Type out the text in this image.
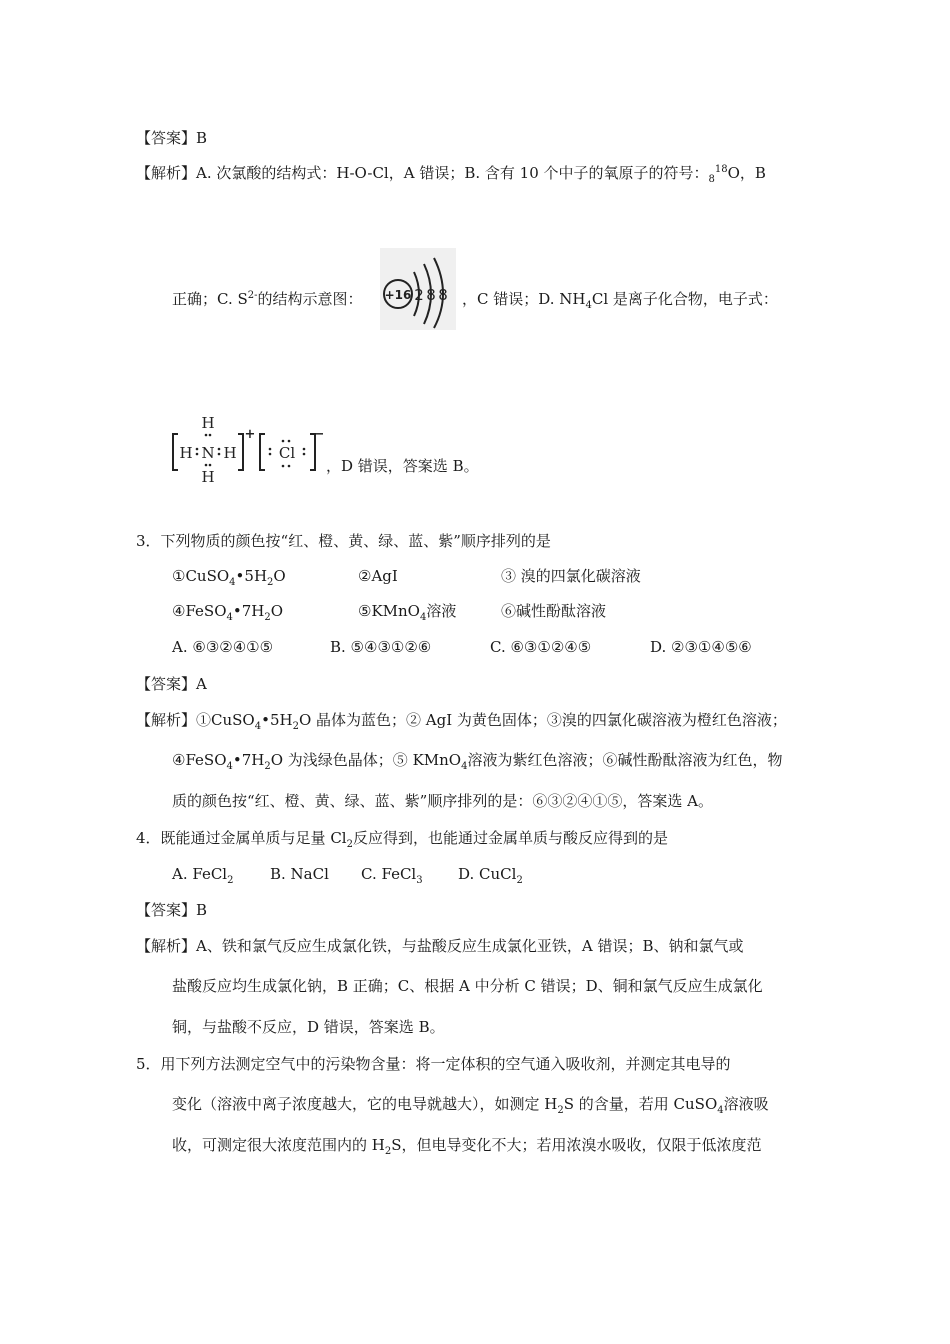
【答案】B
【解析】A. 次氯酸的结构式：H-O-Cl，A 错误；B. 含有 10 个中子的氧原子的符号：$_8^{18}$O，B
正确；C. $S^{2-}$的结构示意图： +16 2 8 8 ，C 错误；D. $NH_4Cl$ 是离子化合物，电子式：
H
H N H
H
+
Cl
−
，D 错误，答案选 B。
3．下列物质的颜色按“红、橙、黄、绿、蓝、紫”顺序排列的是
$①CuSO_4•5H_2O$	②AgI	③ 溴的四氯化碳溶液
$④FeSO_4•7H_2O$	⑤KMnO$_4$溶液	⑥碱性酚酞溶液
A. ⑥③②④①⑤	B. ⑤④③①②⑥	C. ⑥③①②④⑤	D. ②③①④⑤⑥
【答案】A
【解析】$①CuSO_4•5H_2O$ 晶体为蓝色；② AgI 为黄色固体；③溴的四氯化碳溶液为橙红色溶液；
$④FeSO_4•7H_2O$ 为浅绿色晶体；⑤ KMnO$_4$溶液为紫红色溶液；⑥碱性酚酞溶液为红色，物
质的颜色按“红、橙、黄、绿、蓝、紫”顺序排列的是：⑥③②④①⑤，答案选 A。
4．既能通过金属单质与足量 $Cl_2$反应得到，也能通过金属单质与酸反应得到的是
A. FeCl$_2$ B. NaCl C. FeCl$_3$ D. CuCl$_2$
【答案】B
【解析】A、铁和氯气反应生成氯化铁，与盐酸反应生成氯化亚铁，A 错误；B、钠和氯气或
盐酸反应均生成氯化钠，B 正确；C、根据 A 中分析 C 错误；D、铜和氯气反应生成氯化
铜，与盐酸不反应，D 错误，答案选 B。
5．用下列方法测定空气中的污染物含量：将一定体积的空气通入吸收剂，并测定其电导的
变化（溶液中离子浓度越大，它的电导就越大），如测定 $H_2S$ 的含量，若用 CuSO$_4$溶液吸
收，可测定很大浓度范围内的 $H_2S$，但电导变化不大；若用浓溴水吸收，仅限于低浓度范
